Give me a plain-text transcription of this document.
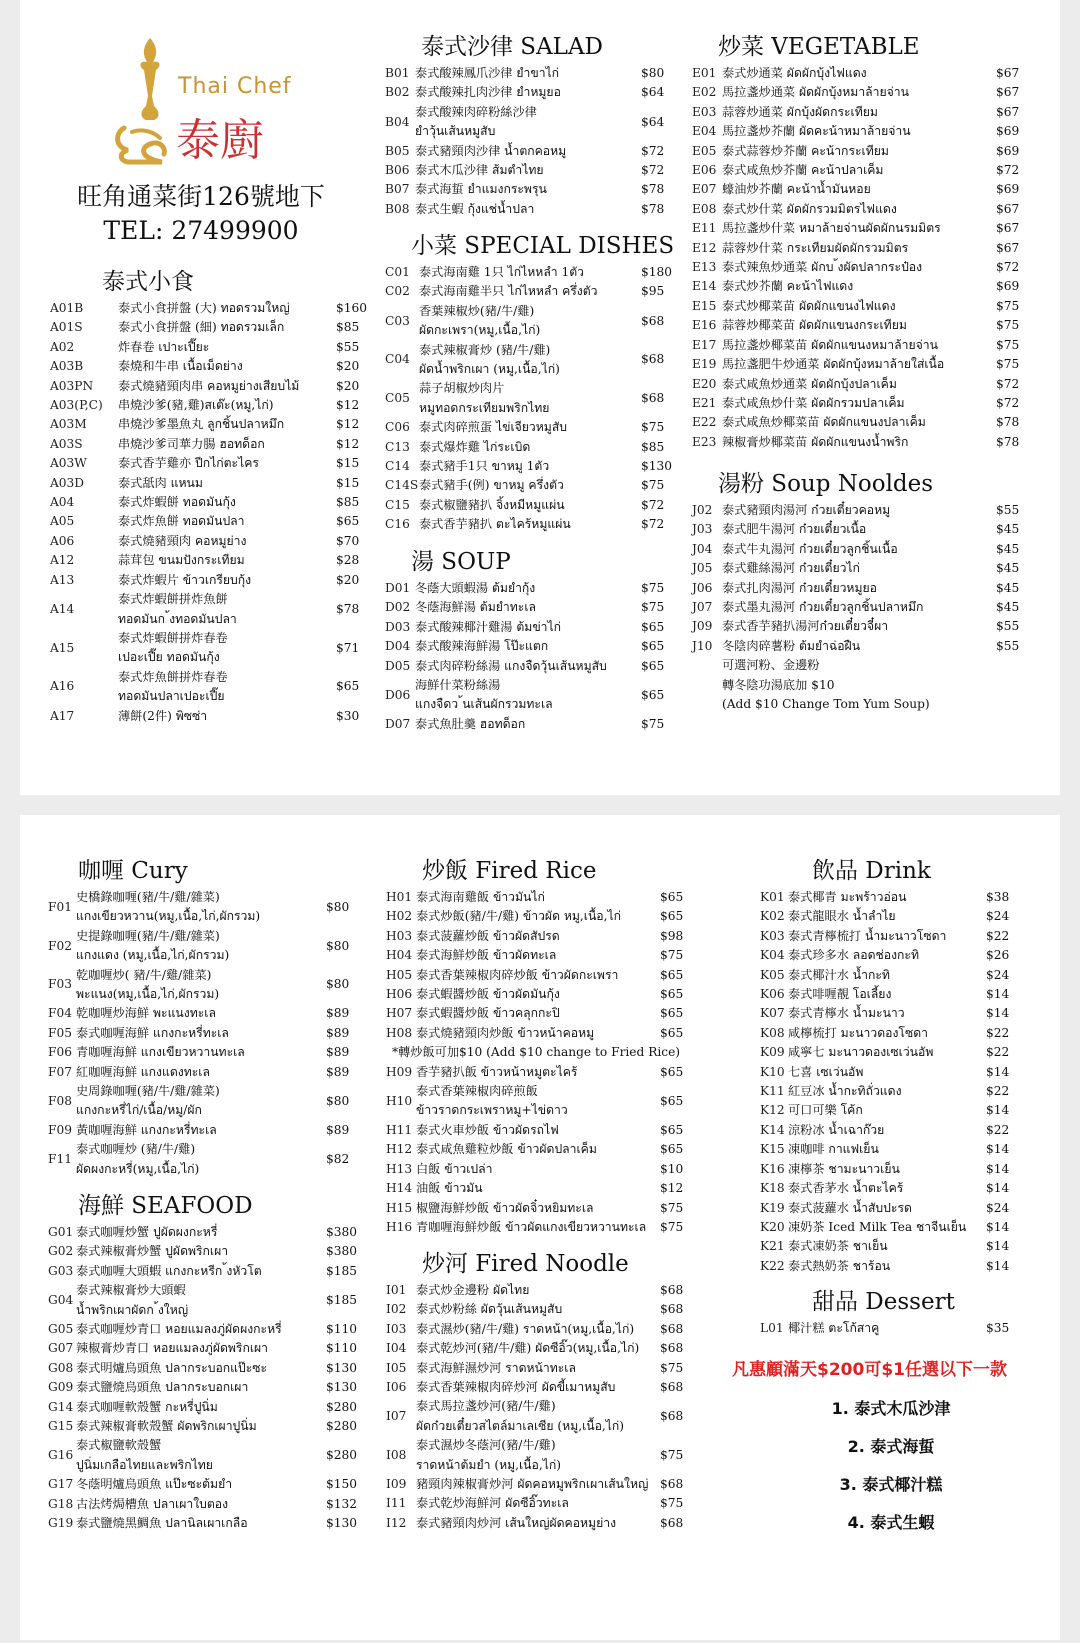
Thai Chef
泰廚
旺角通菜街126號地下
TEL: 27499900
泰式小食
A01B	泰式小食拼盤 (大) ทอดรวมใหญ่	$160
A01S	泰式小食拼盤 (細) ทอดรวมเล็ก	$85
A02	炸春卷 เปาะเปี๊ยะ	$55
A03B	泰燒和牛串 เนื้อเม็ดย่าง	$20
A03PN	泰式燒豬頸肉串 คอหมูย่างเสียบไม้	$20
A03(P,C)	串燒沙爹(豬,雞)สเต๊ะ(หมู,ไก่)	$12
A03M	串燒沙爹墨魚丸 ลูกชิ้นปลาหมึก	$12
A03S	串燒沙爹司華力腸 ฮอทด็อก	$12
A03W	泰式香芋雞亦 ปีกไก่ตะไคร	$15
A03D	泰式舐肉 แหนม	$15
A04	泰式炸蝦餅 ทอดมันกุ้ง	$85
A05	泰式炸魚餅 ทอดมันปลา	$65
A06	泰式燒豬頸肉 คอหมูย่าง	$70
A12	蒜茸包 ขนมปังกระเทียม	$28
A13	泰式炸蝦片 ข้าวเกรียบกุ้ง	$20
A14
泰式炸蝦餅拼炸魚餅
ทอดมันก ้งทอดมันปลา
$78
A15
泰式炸蝦餅拼炸春卷
เปอะเปี๊ย ทอดมันกุ้ง
$71
A16
泰式炸魚餅拼炸春卷
ทอดมันปลาเปอะเปี๊ย
$65
A17	薄餅(2件) พิซซ่า	$30
泰式沙律 SALAD
B01 泰式酸辣鳳爪沙律 ยำขาไก่	$80
B02 泰式酸辣扎肉沙律 ยำหมูยอ	$64
B04
泰式酸辣肉碎粉絲沙律
ยำวุ้นเส้นหมูสับ
$64
B05 泰式豬頸肉沙律 น้ำตกคอหมู	$72
B06 泰式木瓜沙律 ส้มตำไทย	$72
B07 泰式海蜇 ยำแมงกระพรุน	$78
B08 泰式生蝦 กุ้งแช่น้ำปลา	$78
小菜 SPECIAL DISHES
C01 泰式海南雞 1只 ไก่ไหหลำ 1ตัว	$180
C02 泰式海南雞半只 ไก่ไหหลำ ครึ่งตัว	$95
C03
香葉辣椒炒(豬/牛/雞)
ผัดกะเพรา(หมู,เนื้อ,ไก่)
$68
C04
泰式辣椒膏炒 (豬/牛/雞)
ผัดน้ำพริกเผา (หมู,เนื้อ,ไก่)
$68
C05
蒜子胡椒炒肉片
หมูทอดกระเทียมพริกไทย
$68
C06 泰式肉碎煎蛋 ไข่เจียวหมูสับ	$75
C13 泰式爆炸雞 ไก่ระเบิด	$85
C14 泰式豬手1只 ขาหมู 1ตัว	$130
C14S 泰式豬手(例) ขาหมู ครึ่งตัว	$75
C15 泰式椒鹽豬扒 จิ้งหมีหมูแผ่น	$72
C16 泰式香芋豬扒 ตะไคร้หมูแผ่น	$72
湯 SOUP
D01 冬蔭大頭蝦湯 ต้มยำกุ้ง	$75
D02 冬蔭海鮮湯 ต้มยำทะเล	$75
D03 泰式酸辣椰汁雞湯 ต้มข่าไก่	$65
D04 泰式酸辣海鮮湯 โป๊ะแตก	$65
D05 泰式肉碎粉絲湯 แกงจืดวุ้นเส้นหมูสับ	$65
D06
海鮮什菜粉絲湯
แกงจืดว ้นเส้นผักรวมทะเล
$65
D07 泰式魚肚羹 ฮอทด็อก	$75
炒菜 VEGETABLE
E01 泰式炒通菜 ผัดผักบุ้งไฟแดง	$67
E02 馬拉盞炒通菜 ผัดผักบุ้งหมาล้ายจ่าน	$67
E03 蒜蓉炒通菜 ผักบุ้งผัดกระเทียม	$67
E04 馬拉盞炒芥蘭 ผัดคะน้าหมาล้ายจ่าน	$69
E05 泰式蒜蓉炒芥蘭 คะน้ากระเทียม	$69
E06 泰式咸魚炒芥蘭 คะน้าปลาเค็ม	$72
E07 蠔油炒芥蘭 คะน้าน้ำมันหอย	$69
E08 泰式炒什菜 ผัดผักรวมมิตรไฟแดง	$67
E11 馬拉盞炒什菜 หมาล้ายจ่านผัดผักนรมมิตร	$67
E12 蒜蓉炒什菜 กระเทียมผัดผักรวมมิตร	$67
E13 泰式辣魚炒通菜 ผักบ ้งผัดปลากระป๋อง	$72
E14 泰式炒芥蘭 คะน้าไฟแดง	$69
E15 泰式炒椰菜苗 ผัดผักแขนงไฟแดง	$75
E16 蒜蓉炒椰菜苗 ผัดผักแขนงกระเทียม	$75
E17 馬拉盞炒椰菜苗 ผัดผักแขนงหมาล้ายจ่าน	$75
E19 馬拉盞肥牛炒通菜 ผัดผักบุ้งหมาล้ายใส่เนื้อ	$75
E20 泰式咸魚炒通菜 ผัดผักบุ้งปลาเค็ม	$72
E21 泰式咸魚炒什菜 ผัดผักรวมปลาเค็ม	$72
E22 泰式咸魚炒椰菜苗 ผัดผักแขนงปลาเค็ม	$78
E23 辣椒膏炒椰菜苗 ผัดผักแขนงน้ำพริก	$78
湯粉 Soup Nooldes
J02 泰式豬頸肉湯河 ก๋วยเตี๋ยวคอหมู	$55
J03 泰式肥牛湯河 ก๋วยเตี๋ยวเนื้อ	$45
J04 泰式牛丸湯河 ก๋วยเตี๋ยวลูกชิ้นเนื้อ	$45
J05 泰式雞絲湯河 ก๋วยเตี๋ยวไก่	$45
J06 泰式扎肉湯河 ก๋วยเตี๋ยวหมูยอ	$45
J07 泰式墨丸湯河 ก๋วยเตี๋ยวลูกชิ้นปลาหมึก	$45
J09 泰式香芋豬扒湯河ก๋วยเตี๋ยวจี๋ผา	$55
J10 冬陰肉碎薯粉 ต้มยำฉ่อฝืน	$55
可選河粉、金邊粉
轉冬陰功湯底加 $10
(Add $10 Change Tom Yum Soup)
咖喱 Cury
F01
史橋錄咖喱(豬/牛/雞/雜菜)
แกงเขียวหวาน(หมู,เนื้อ,ไก่,ผักรวม)
$80
F02
史提錄咖喱(豬/牛/雞/雜菜)
แกงแดง (หมู,เนื้อ,ไก่,ผักรวม)
$80
F03
乾咖喱炒( 豬/牛/雞/雜菜)
พะแนง(หมู,เนื้อ,ไก่,ผักรวม)
$80
F04 乾咖喱炒海鮮 พะแนงทะเล	$89
F05 泰式咖喱海鮮 แกงกะหรี่ทะเล	$89
F06 青咖喱海鮮 แกงเขียวหวานทะเล	$89
F07 紅咖喱海鮮 แกงแดงทะเล	$89
F08
史周錄咖喱(豬/牛/雞/雜菜)
แกงกะหรี่ไก่/เนื้อ/หมู/ผัก
$80
F09 黃咖喱海鮮 แกงกะหรี่ทะเล	$89
F11
泰式咖喱炒 (豬/牛/雞)
ผัดผงกะหรี่(หมู,เนื้อ,ไก่)
$82
海鮮 SEAFOOD
G01 泰式咖喱炒蟹 ปูผัดผงกะหรี่	$380
G02 泰式辣椒膏炒蟹 ปูผัดพริกเผา	$380
G03 泰式咖喱大頭蝦 แกงกะหรีก ้งหัวโต	$185
G04
泰式辣椒膏炒大頭蝦
น้ำพริกเผาผัดก ้งใหญ่
$185
G05 泰式咖喱炒青口 หอยแมลงภู่ผัดผงกะหรี่	$110
G07 辣椒膏炒青口 หอยแมลงภู่ผัดพริกเผา	$110
G08 泰式明爐烏頭魚 ปลากระบอกแป๊ะซะ	$130
G09 泰式鹽燒烏頭魚 ปลากระบอกเผา	$130
G14 泰式咖喱軟殼蟹 กะหรี่ปูนิ่ม	$280
G15 泰式辣椒膏軟殼蟹 ผัดพริกเผาปูนิ่ม	$280
G16
泰式椒鹽軟殼蟹
ปูนิ่มเกลือไทยและพริกไทย
$280
G17 冬蔭明爐烏頭魚 แป๊ะซะต้มยำ	$150
G18 古法烤焗槽魚 ปลาเผาใบตอง	$132
G19 泰式鹽燒黑鯛魚 ปลานิลเผาเกลือ	$130
炒飯 Fired Rice
H01 泰式海南雞飯 ข้าวมันไก่	$65
H02 泰式炒飯(豬/牛/雞) ข้าวผัด หมู,เนื้อ,ไก่	$65
H03 泰式菠蘿炒飯 ข้าวผัดสัปรด	$98
H04 泰式海鮮炒飯 ข้าวผัดทะเล	$75
H05 泰式香葉辣椒肉碎炒飯 ข้าวผัดกะเพรา	$65
H06 泰式蝦醬炒飯 ข้าวผัดมันกุ้ง	$65
H07 泰式蝦醬炒飯 ข้าวคลุกกะปิ	$65
H08 泰式燒豬頸肉炒飯 ข้าวหน้าคอหมู	$65
*轉炒飯可加$10 (Add $10 change to Fried Rice)
H09 香芋豬扒飯 ข้าวหน้าหมูตะไคร้	$65
H10
泰式香葉辣椒肉碎煎飯
ข้าวราดกระเพราหมู+ไข่ดาว
$65
H11 泰式火車炒飯 ข้าวผัดรถไฟ	$65
H12 泰式咸魚雞粒炒飯 ข้าวผัดปลาเค็ม	$65
H13 白飯 ข้าวเปล่า	$10
H14 油飯 ข้าวมัน	$12
H15 椒鹽海鮮炒飯 ข้าวผัดจิ๋วหยิมทะเล	$75
H16 青咖喱海鮮炒飯 ข้าวผัดแกงเขียวหวานทะเล	$75
炒河 Fired Noodle
I01 泰式炒金邊粉 ผัดไทย	$68
I02 泰式炒粉絲 ผัดวุ้นเส้นหมูสับ	$68
I03 泰式濕炒(豬/牛/雞) ราดหน้า(หมู,เนื้อ,ไก่)	$68
I04 泰式乾炒河(豬/牛/雞) ผัดซีอิ๊ว(หมู,เนื้อ,ไก่)	$68
I05 泰式海鮮濕炒河 ราดหน้าทะเล	$75
I06 泰式香葉辣椒肉碎炒河 ผัดขี้เมาหมูสับ	$68
I07
泰式馬拉盞炒河(豬/牛/雞)
ผัดก๋วยเตี๋ยวสไตล์มาเลเซีย (หมู,เนื้อ,ไก่)
$68
I08
泰式濕炒冬蔭河(豬/牛/雞)
ราดหน้าต้มยำ (หมู,เนื้อ,ไก่)
$75
I09 豬頸肉辣椒膏炒河 ผัดคอหมูพริกเผาเส้นใหญ่ $68
I11 泰式乾炒海鮮河 ผัดซีอิ๊วทะเล	$75
I12 泰式豬頸肉炒河 เส้นใหญ่ผัดคอหมูย่าง	$68
飲品 Drink
K01 泰式椰青 มะพร้าวอ่อน	$38
K02 泰式龍眼水 น้ำลำไย	$24
K03 泰式青檸梳打 น้ำมะนาวโซดา	$22
K04 泰式珍多水 ลอดช่องกะทิ	$26
K05 泰式椰汁水 น้ำกะทิ	$24
K06 泰式啡喱靚 โอเลี้ยง	$14
K07 泰式青檸水 น้ำมะนาว	$14
K08 咸檸梳打 มะนาวดองโซดา	$22
K09 咸寧七 มะนาวดองเซเว่นอัพ	$22
K10 七喜 เซเว่นอัพ	$14
K11 紅豆冰 น้ำกะทิถั่วแดง	$22
K12 可口可樂 โค้ก	$14
K14 涼粉冰 น้ำเฉาก๊วย	$22
K15 凍咖啡 กาแฟเย็น	$14
K16 凍檸茶 ชามะนาวเย็น	$14
K18 泰式香茅水 น้ำตะไคร้	$14
K19 泰式菠蘿水 น้ำสับปะรด	$24
K20 凍奶茶 Iced Milk Tea ชาจีนเย็น	$14
K21 泰式凍奶茶 ชาเย็น	$14
K22 泰式熱奶茶 ชาร้อน	$14
甜品 Dessert
L01 椰汁糕 ตะโก้สาคู	$35
凡惠顧滿天$200可$1任選以下一款
1. 泰式木瓜沙津
2. 泰式海蜇
3. 泰式椰汁糕
4. 泰式生蝦
